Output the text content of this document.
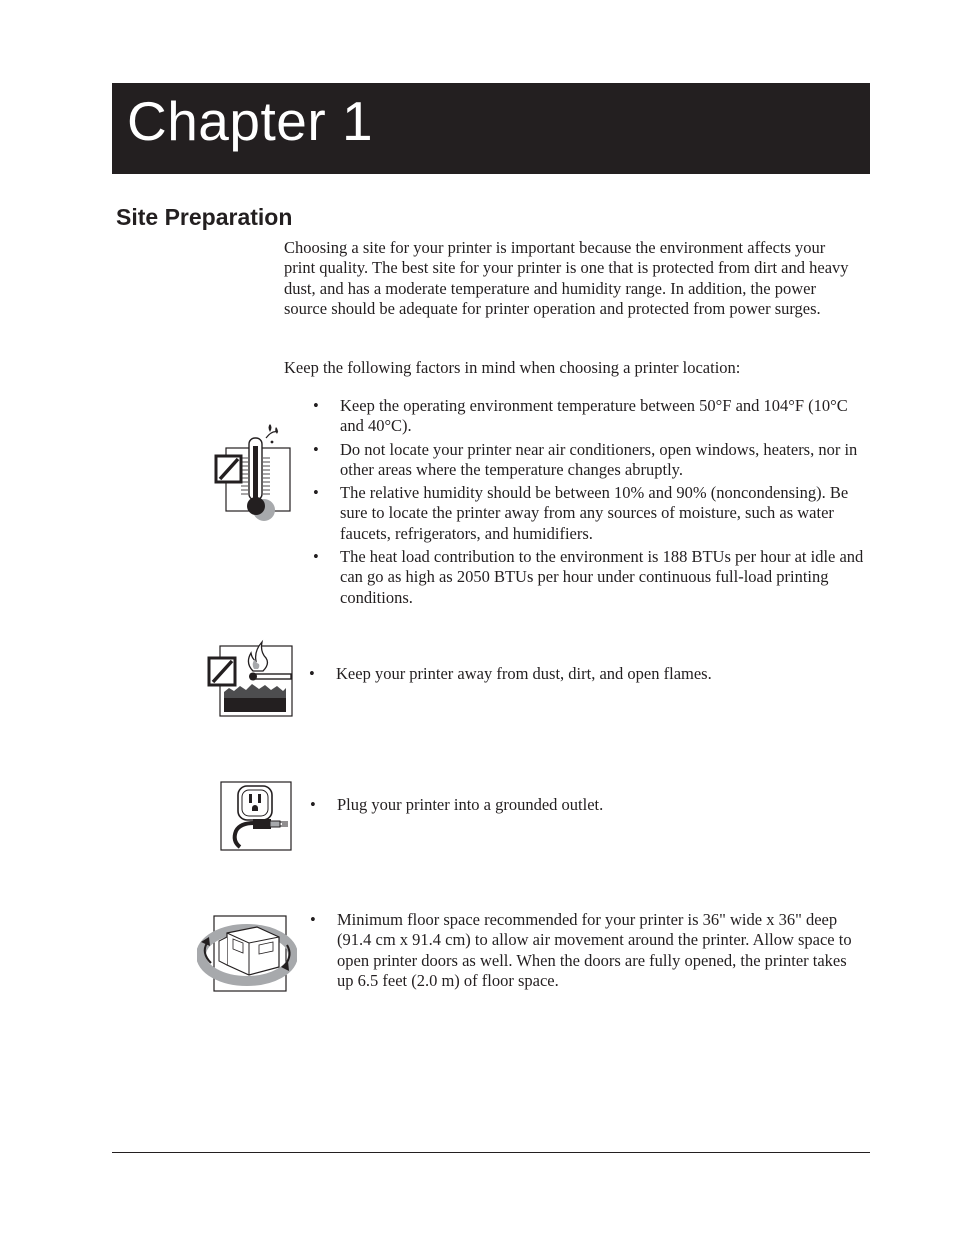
Chapter 1
Site Preparation

Choosing a site for your printer is important because the environment affects your print quality. The best site for your printer is one that is protected from dirt and heavy dust, and has a moderate temperature and humidity range. In addition, the power source should be adequate for printer operation and protected from power surges.

Keep the following factors in mind when choosing a printer location:

• Keep the operating environment temperature between 50°F and 104°F (10°C and 40°C).
• Do not locate your printer near air conditioners, open windows, heaters, nor in other areas where the temperature changes abruptly.
• The relative humidity should be between 10% and 90% (noncondensing). Be sure to locate the printer away from any sources of moisture, such as water faucets, refrigerators, and humidifiers.
• The heat load contribution to the environment is 188 BTUs per hour at idle and can go as high as 2050 BTUs per hour under continuous full-load printing conditions.
• Keep your printer away from dust, dirt, and open flames.
• Plug your printer into a grounded outlet.
• Minimum floor space recommended for your printer is 36" wide x 36" deep (91.4 cm x 91.4 cm) to allow air movement around the printer. Allow space to open printer doors as well. When the doors are fully opened, the printer takes up 6.5 feet (2.0 m) of floor space.
